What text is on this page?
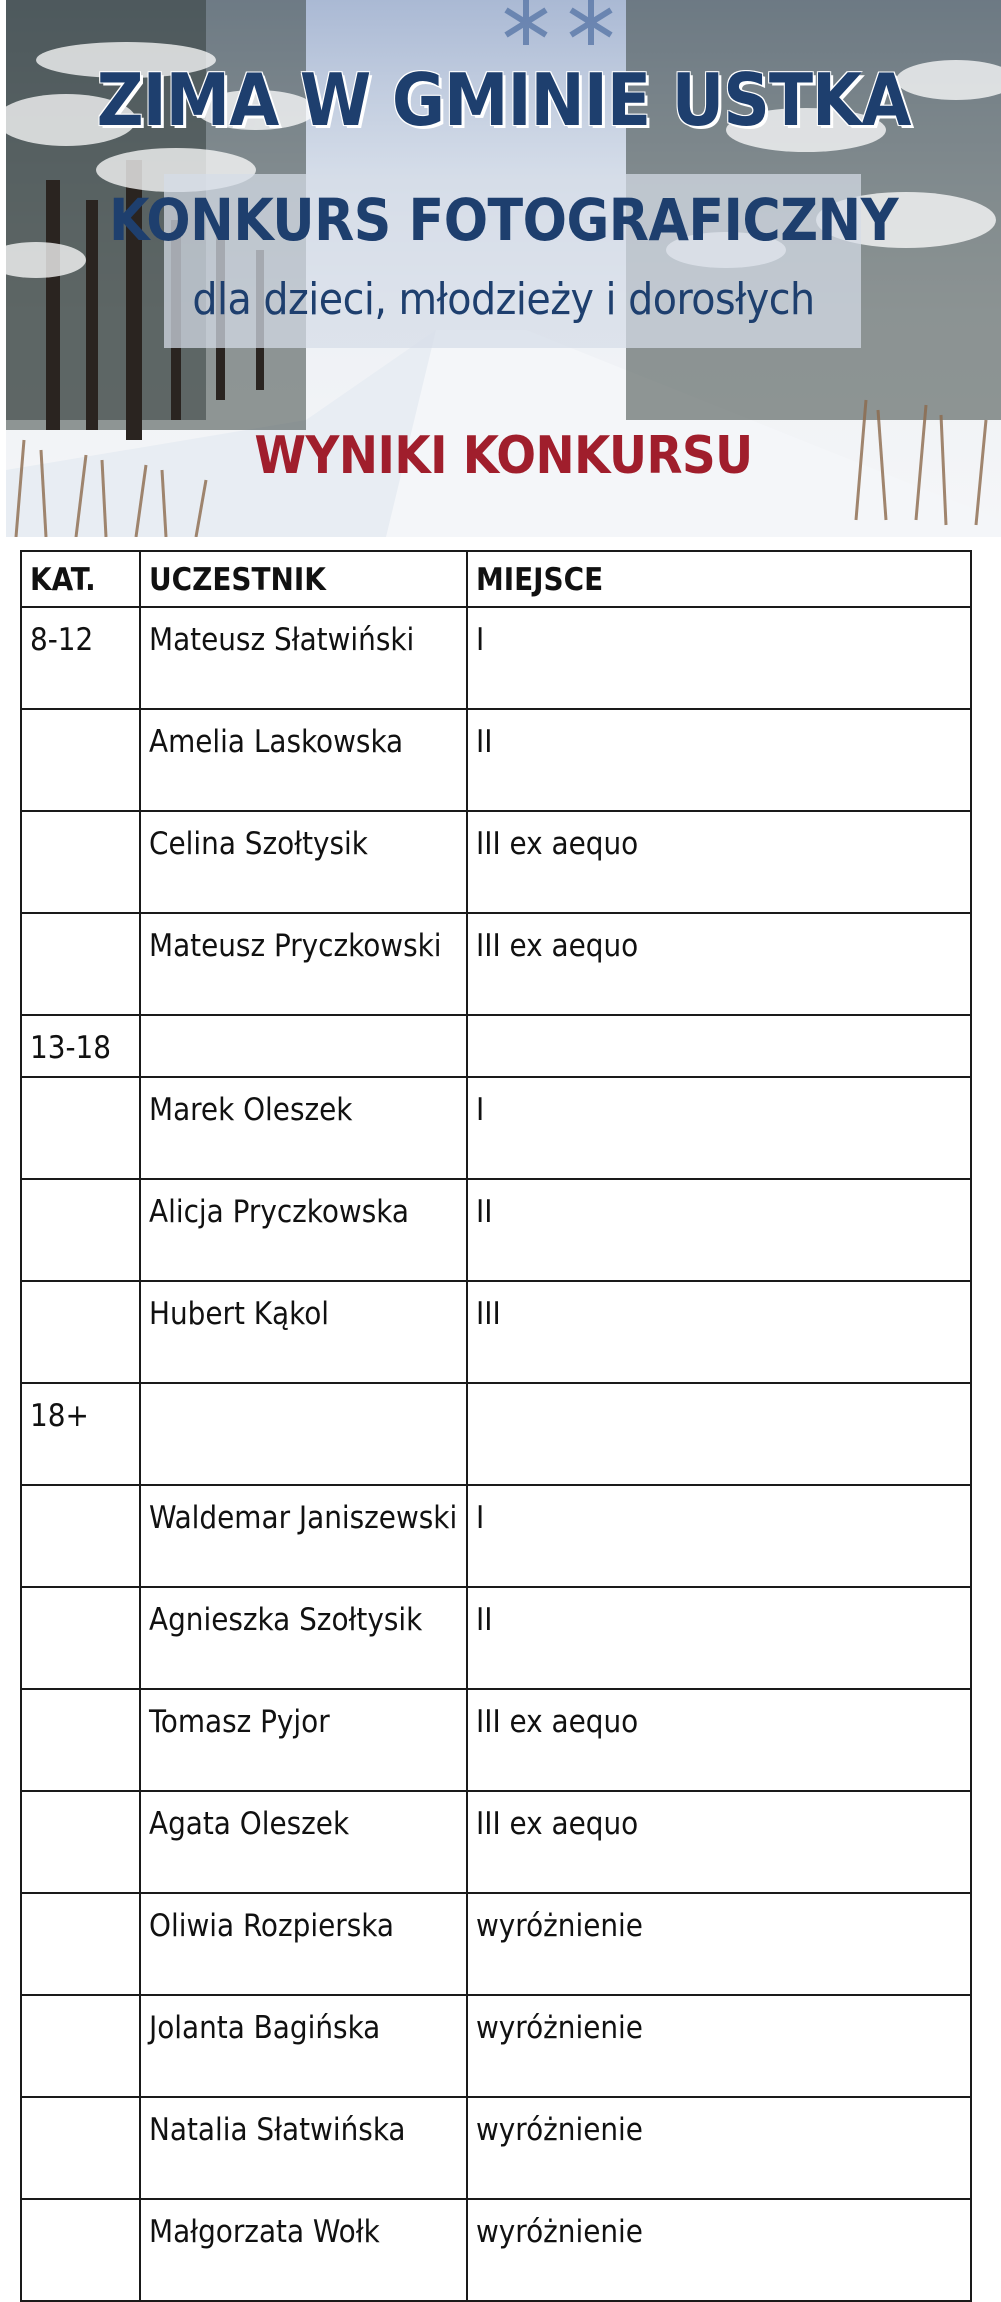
ZIMA W GMINIE USTKA
KONKURS FOTOGRAFICZNY
dla dzieci, młodzieży i dorosłych
WYNIKI KONKURSU
KAT.	UCZESTNIK	MIEJSCE
8-12	Mateusz Słatwiński	I
	Amelia Laskowska	II
	Celina Szołtysik	III ex aequo
	Mateusz Pryczkowski	III ex aequo
13-18		
	Marek Oleszek	I
	Alicja Pryczkowska	II
	Hubert Kąkol	III
18+		
	Waldemar Janiszewski	I
	Agnieszka Szołtysik	II
	Tomasz Pyjor	III ex aequo
	Agata Oleszek	III ex aequo
	Oliwia Rozpierska	wyróżnienie
	Jolanta Bagińska	wyróżnienie
	Natalia Słatwińska	wyróżnienie
	Małgorzata Wołk	wyróżnienie
